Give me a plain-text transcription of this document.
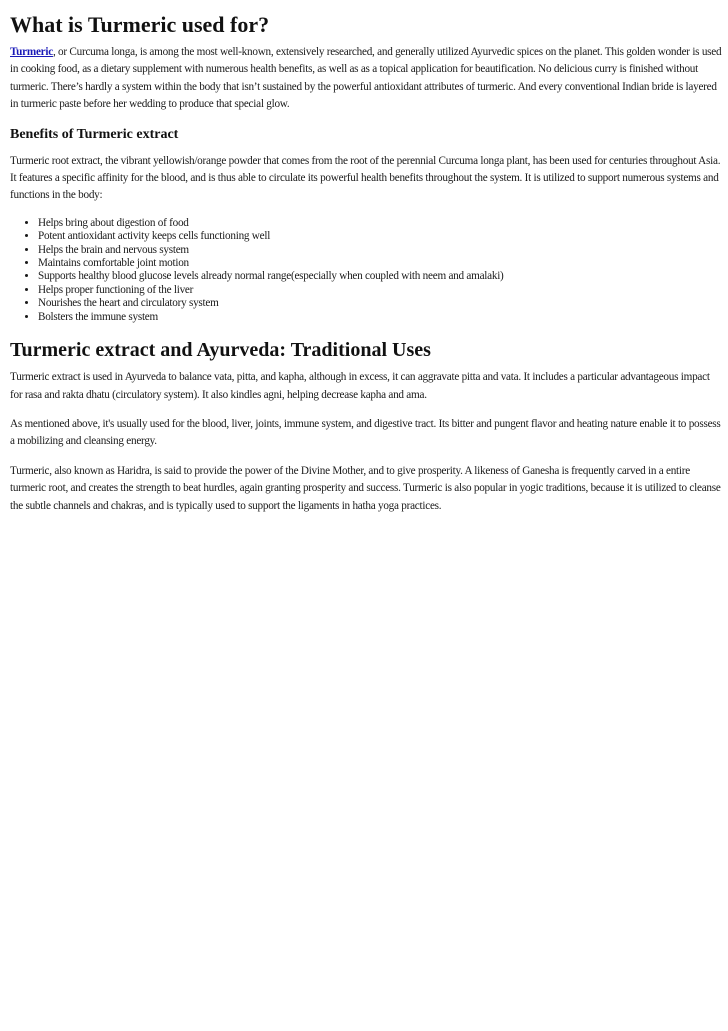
What is Turmeric used for?

Turmeric, or Curcuma longa, is among the most well-known, extensively researched, and generally utilized Ayurvedic spices on the planet. This golden wonder is used in cooking food, as a dietary supplement with numerous health benefits, as well as as a topical application for beautification. No delicious curry is finished without turmeric. There’s hardly a system within the body that isn’t sustained by the powerful antioxidant attributes of turmeric. And every conventional Indian bride is layered in turmeric paste before her wedding to produce that special glow.

Benefits of Turmeric extract

Turmeric root extract, the vibrant yellowish/orange powder that comes from the root of the perennial Curcuma longa plant, has been used for centuries throughout Asia. It features a specific affinity for the blood, and is thus able to circulate its powerful health benefits throughout the system. It is utilized to support numerous systems and functions in the body:

• Helps bring about digestion of food
• Potent antioxidant activity keeps cells functioning well
• Helps the brain and nervous system
• Maintains comfortable joint motion
• Supports healthy blood glucose levels already normal range(especially when coupled with neem and amalaki)
• Helps proper functioning of the liver
• Nourishes the heart and circulatory system
• Bolsters the immune system
Turmeric extract and Ayurveda: Traditional Uses

Turmeric extract is used in Ayurveda to balance vata, pitta, and kapha, although in excess, it can aggravate pitta and vata. It includes a particular advantageous impact for rasa and rakta dhatu (circulatory system). It also kindles agni, helping decrease kapha and ama.

As mentioned above, it's usually used for the blood, liver, joints, immune system, and digestive tract. Its bitter and pungent flavor and heating nature enable it to possess a mobilizing and cleansing energy.

Turmeric, also known as Haridra, is said to provide the power of the Divine Mother, and to give prosperity. A likeness of Ganesha is frequently carved in a entire turmeric root, and creates the strength to beat hurdles, again granting prosperity and success. Turmeric is also popular in yogic traditions, because it is utilized to cleanse the subtle channels and chakras, and is typically used to support the ligaments in hatha yoga practices.
